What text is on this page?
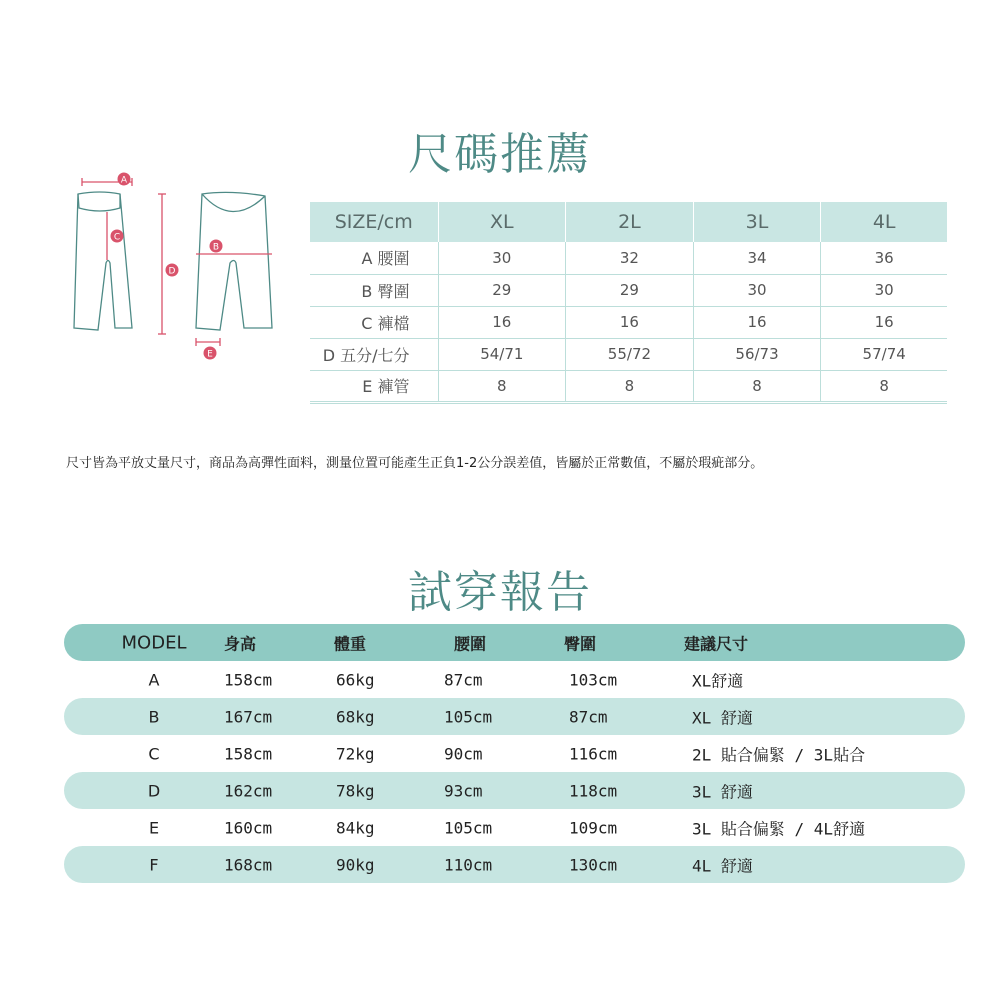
尺碼推薦
A
C
D
B
E
SIZE/cm	XL	2L	3L	4L
A 腰圍	30	32	34	36
B 臀圍	29	29	30	30
C 褲檔	16	16	16	16
D 五分/七分	54/71	55/72	56/73	57/74
E 褲管	8	8	8	8
尺寸皆為平放丈量尺寸，商品為高彈性面料，測量位置可能產生正負1-2公分誤差值，皆屬於正常數值，不屬於瑕疵部分。
試穿報告
MODEL	身高	體重	腰圍	臀圍	建議尺寸
A	158cm	66kg	87cm	103cm	XL舒適
B	167cm	68kg	105cm	87cm	XL 舒適
C	158cm	72kg	90cm	116cm	2L 貼合偏緊 / 3L貼合
D	162cm	78kg	93cm	118cm	3L 舒適
E	160cm	84kg	105cm	109cm	3L 貼合偏緊 / 4L舒適
F	168cm	90kg	110cm	130cm	4L 舒適
